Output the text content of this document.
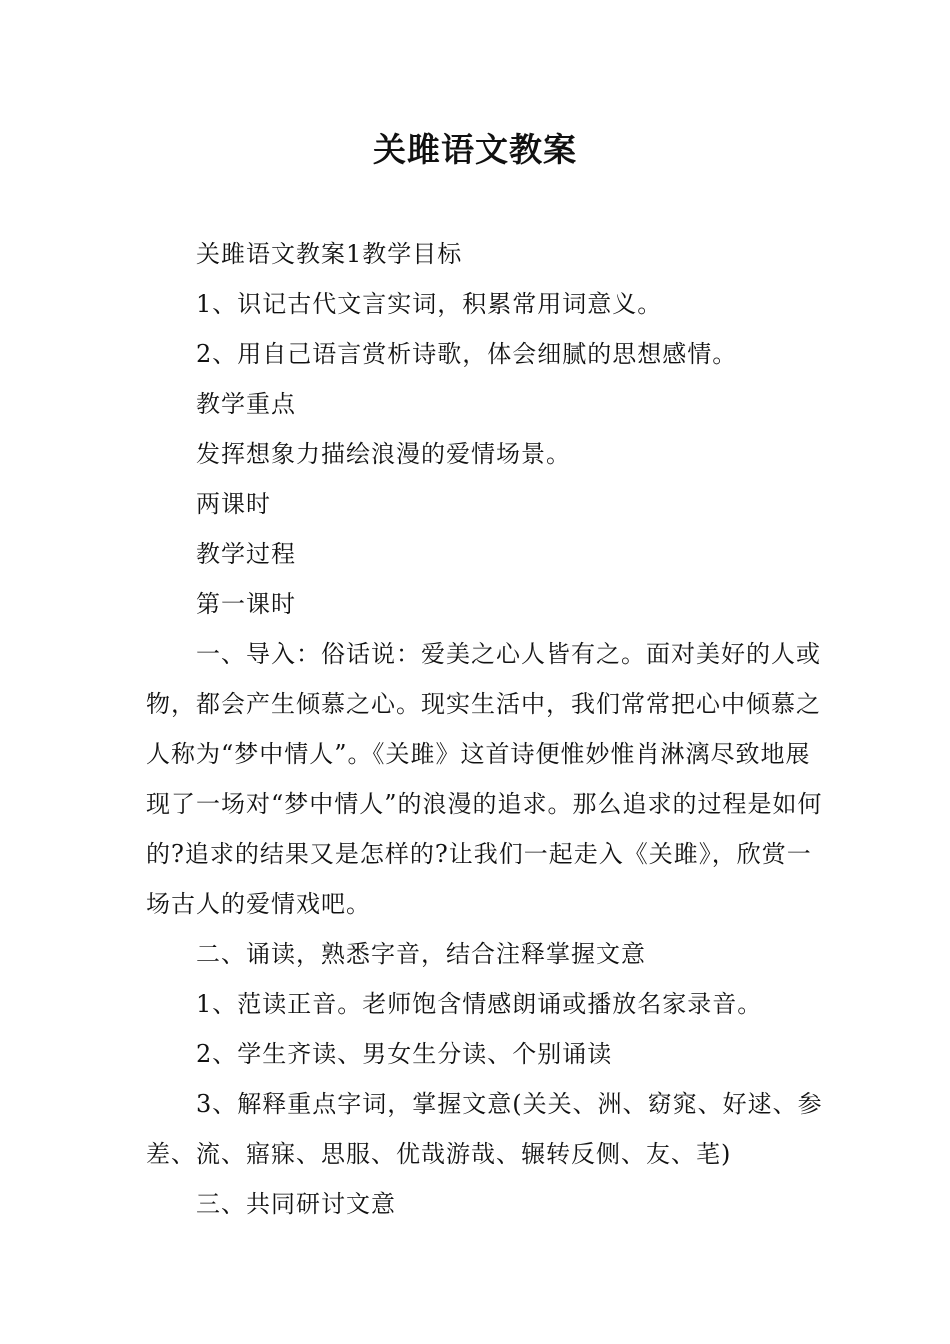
关雎语文教案

关雎语文教案1教学目标

1、识记古代文言实词，积累常用词意义。

2、用自己语言赏析诗歌，体会细腻的思想感情。

教学重点

发挥想象力描绘浪漫的爱情场景。

两课时

教学过程

第一课时

一、导入：俗话说：爱美之心人皆有之。面对美好的人或物，都会产生倾慕之心。现实生活中，我们常常把心中倾慕之人称为“梦中情人”。《关雎》这首诗便惟妙惟肖淋漓尽致地展现了一场对“梦中情人”的浪漫的追求。那么追求的过程是如何的?追求的结果又是怎样的?让我们一起走入《关雎》，欣赏一场古人的爱情戏吧。

二、诵读，熟悉字音，结合注释掌握文意

1、范读正音。老师饱含情感朗诵或播放名家录音。

2、学生齐读、男女生分读、个别诵读

3、解释重点字词，掌握文意(关关、洲、窈窕、好逑、参差、流、寤寐、思服、优哉游哉、辗转反侧、友、芼)

三、共同研讨文意
